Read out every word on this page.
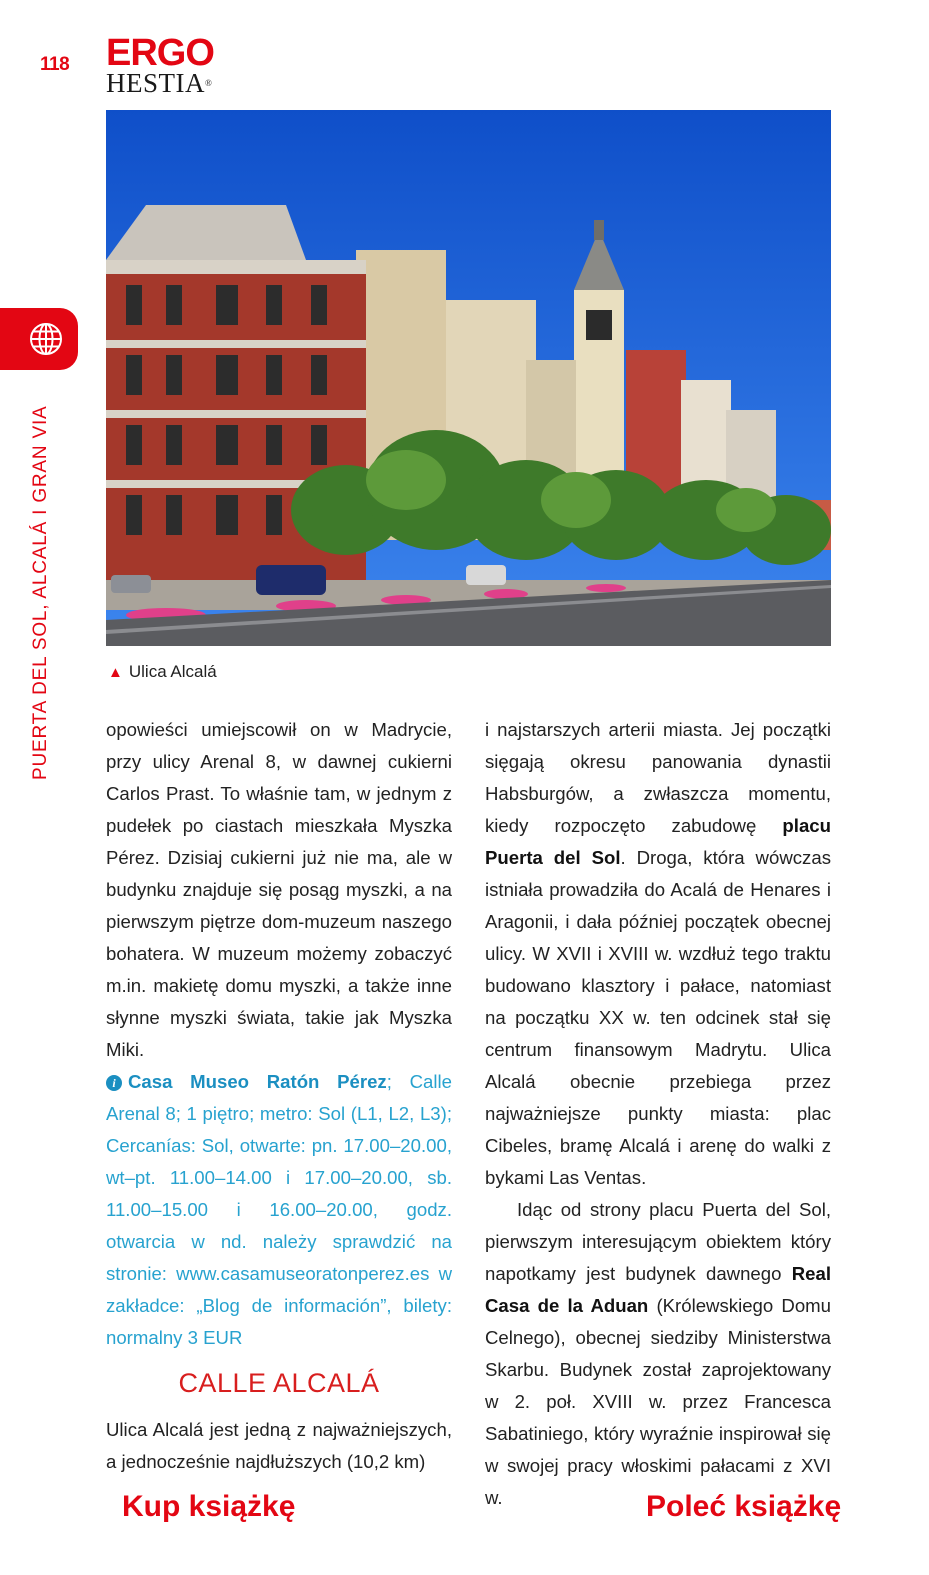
118 ERGO
HESTIA®
PUERTA DEL SOL, ALCALÁ I GRAN VIA	▲ Ulica Alcalá

opowieści umiejscowił on w Madrycie, przy ulicy Arenal 8, w dawnej cukierni Carlos Prast. To właśnie tam, w jednym z pudełek po ciastach mieszkała Myszka Pérez. Dzisiaj cukierni już nie ma, ale w budynku znajduje się posąg myszki, a na pierwszym piętrze dom-muzeum naszego bohatera. W muzeum możemy zobaczyć m.in. makietę domu myszki, a także inne słynne myszki świata, takie jak Myszka Miki.

i Casa Museo Ratón Pérez; Calle Arenal 8; 1 piętro; metro: Sol (L1, L2, L3); Cercanías: Sol, otwarte: pn. 17.00–20.00, wt–pt. 11.00–14.00 i 17.00–20.00, sb. 11.00–15.00 i 16.00–20.00, godz. otwarcia w nd. należy sprawdzić na stronie: www.casamuseoratonperez.es w zakładce: „Blog de información”, bilety: normalny 3 EUR

CALLE ALCALÁ
Ulica Alcalá jest jedną z najważniejszych, a jednocześnie najdłuższych (10,2 km)

i najstarszych arterii miasta. Jej początki sięgają okresu panowania dynastii Habsburgów, a zwłaszcza momentu, kiedy rozpoczęto zabudowę placu Puerta del Sol. Droga, która wówczas istniała prowadziła do Acalá de Henares i Aragonii, i dała później początek obecnej ulicy. W XVII i XVIII w. wzdłuż tego traktu budowano klasztory i pałace, natomiast na początku XX w. ten odcinek stał się centrum finansowym Madrytu. Ulica Alcalá obecnie przebiega przez najważniejsze punkty miasta: plac Cibeles, bramę Alcalá i arenę do walki z bykami Las Ventas.

Idąc od strony placu Puerta del Sol, pierwszym interesującym obiektem który napotkamy jest budynek dawnego Real Casa de la Aduan (Królewskiego Domu Celnego), obecnej siedziby Ministerstwa Skarbu. Budynek został zaprojektowany w 2. poł. XVIII w. przez Francesca Sabatiniego, który wyraźnie inspirował się w swojej pracy włoskimi pałacami z XVI w.

Kup książkę	Poleć książkę
